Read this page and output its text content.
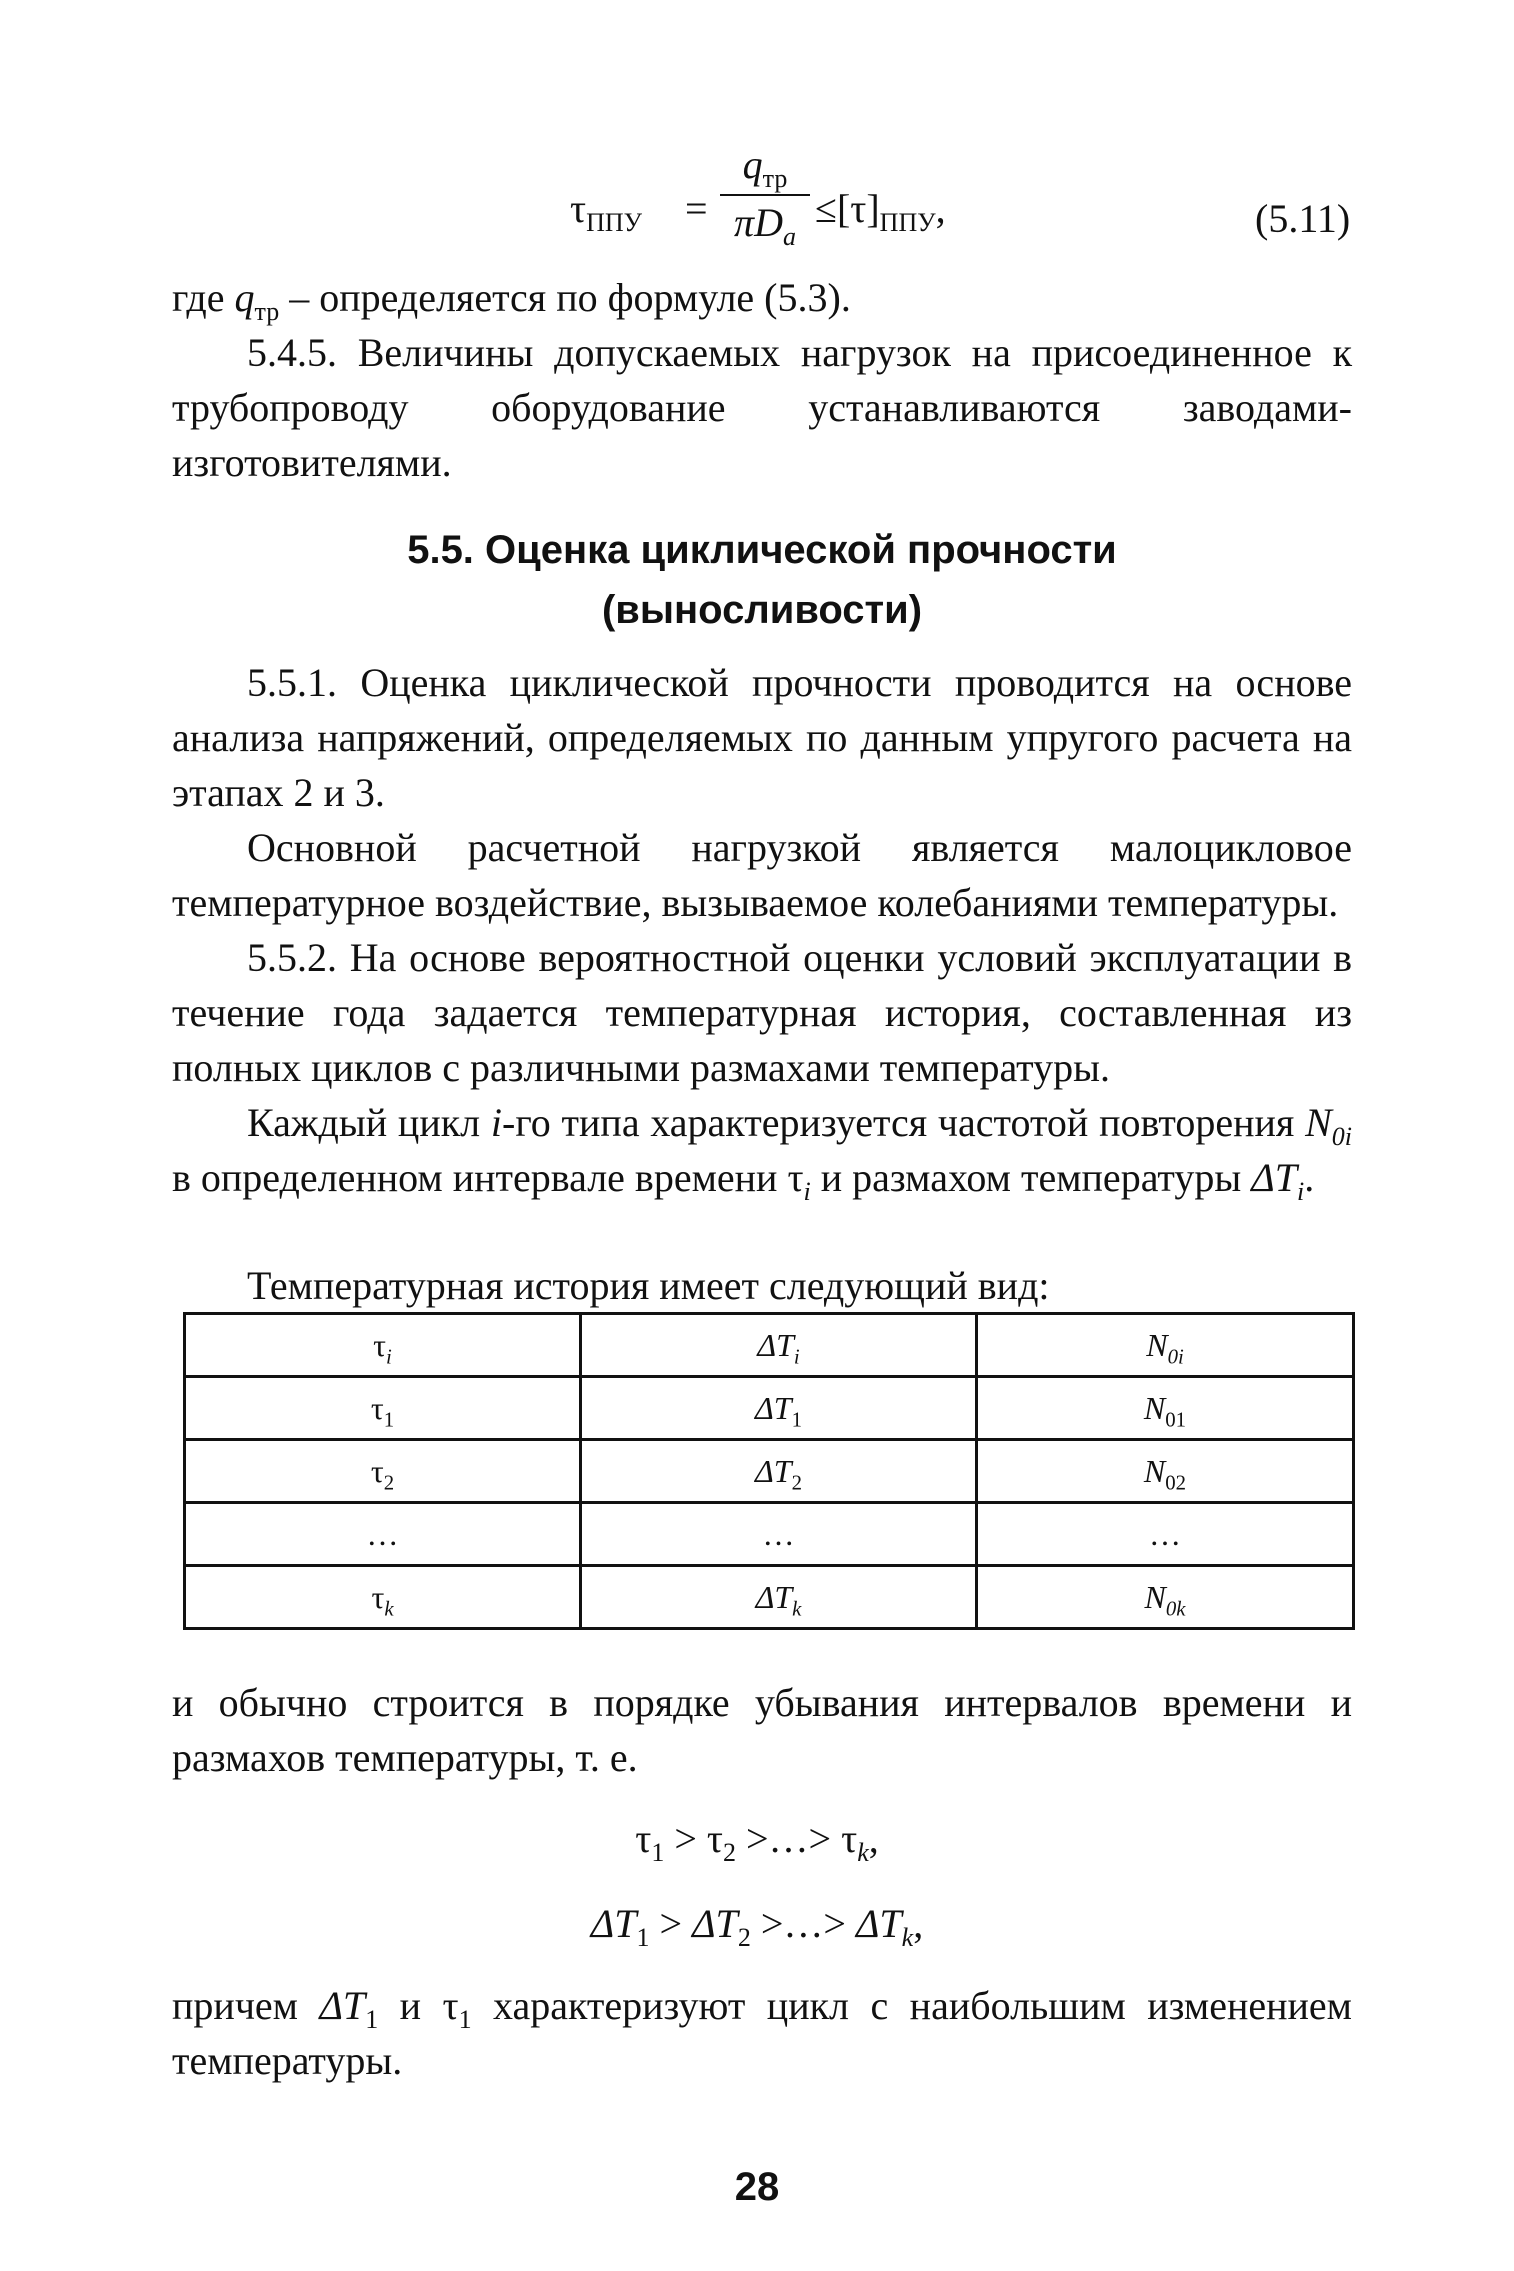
$\tau_{ППУ}$ =
$q_{тр}$
$\pi D_a$
$\le[\tau]_{ППУ}$,	(5.11)
где $q_{тр}$ – определяется по формуле (5.3).
5.4.5. Величины допускаемых нагрузок на присоединенное к трубопроводу оборудование устанавливаются заводами-изготовителями.
5.5. Оценка циклической прочности
(выносливости)
5.5.1. Оценка циклической прочности проводится на основе анализа напряжений, определяемых по данным упругого расчета на этапах 2 и 3.
Основной расчетной нагрузкой является малоцикловое температурное воздействие, вызываемое колебаниями температуры.
5.5.2. На основе вероятностной оценки условий эксплуатации в течение года задается температурная история, составленная из полных циклов с различными размахами температуры.
Каждый цикл i-го типа характеризуется частотой повторения $N_{0i}$ в определенном интервале времени $\tau_i$ и размахом температуры $\Delta T_i$.
Температурная история имеет следующий вид:
$\tau_i$	$\Delta T_i$	$N_{0i}$
$\tau_1$	$\Delta T_1$	$N_{01}$
$\tau_2$	$\Delta T_2$	$N_{02}$
…	…	…
$\tau_k$	$\Delta T_k$	$N_{0k}$
и обычно строится в порядке убывания интервалов времени и размахов температуры, т. е.
$\tau_1 > \tau_2$ >…> $\tau_k$,
$\Delta T_1 > \Delta T_2$ >…> $\Delta T_k$,
причем $\Delta T_1$ и $\tau_1$ характеризуют цикл с наибольшим изменением температуры.
28
